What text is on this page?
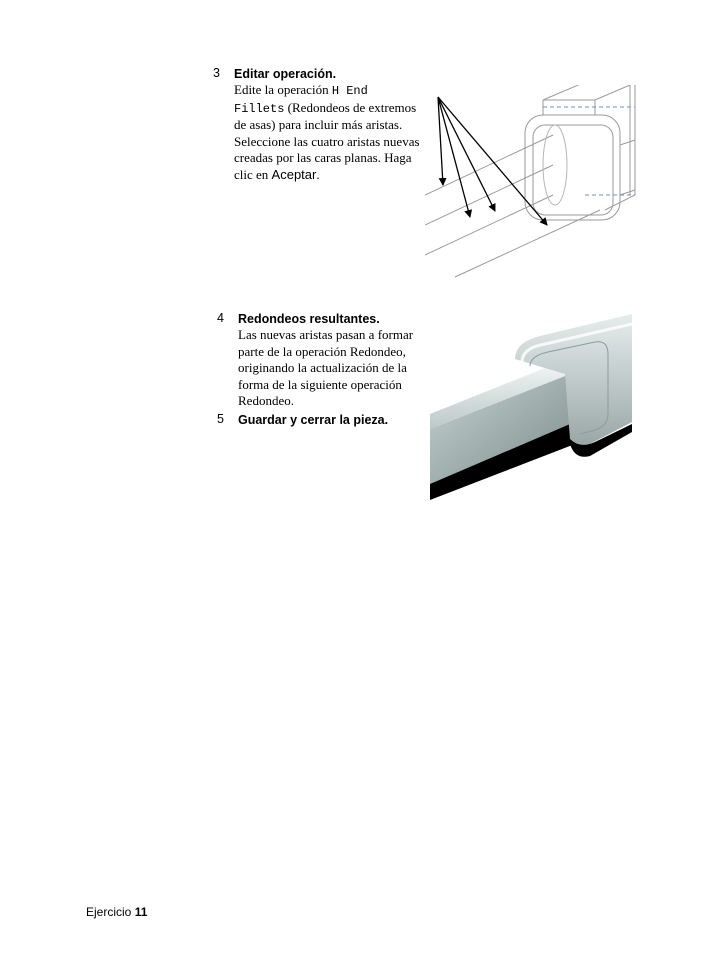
3 Editar operación.
Edite la operación H End Fillets (Redondeos de extremos de asas) para incluir más aristas. Seleccione las cuatro aristas nuevas creadas por las caras planas. Haga clic en Aceptar.
4 Redondeos resultantes.
Las nuevas aristas pasan a formar parte de la operación Redondeo, originando la actualización de la forma de la siguiente operación Redondeo.
5 Guardar y cerrar la pieza.
Ejercicio 11
